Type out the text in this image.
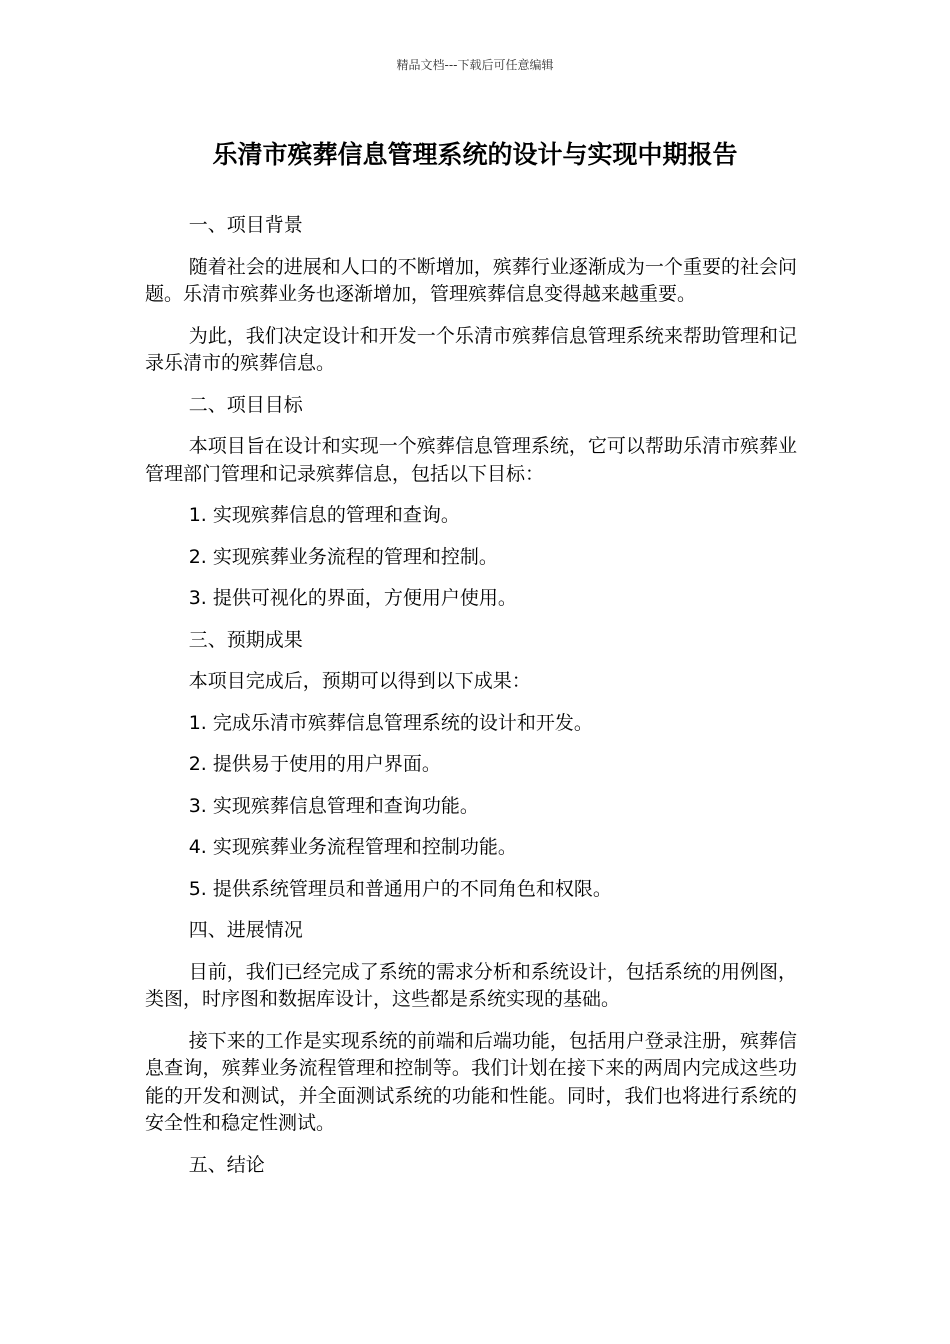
精品文档---下载后可任意编辑
乐清市殡葬信息管理系统的设计与实现中期报告
一、项目背景

随着社会的进展和人口的不断增加，殡葬行业逐渐成为一个重要的社会问题。乐清市殡葬业务也逐渐增加，管理殡葬信息变得越来越重要。

为此，我们决定设计和开发一个乐清市殡葬信息管理系统来帮助管理和记录乐清市的殡葬信息。

二、项目目标

本项目旨在设计和实现一个殡葬信息管理系统，它可以帮助乐清市殡葬业管理部门管理和记录殡葬信息，包括以下目标：

1. 实现殡葬信息的管理和查询。
2. 实现殡葬业务流程的管理和控制。
3. 提供可视化的界面，方便用户使用。
三、预期成果
本项目完成后，预期可以得到以下成果：
1. 完成乐清市殡葬信息管理系统的设计和开发。
2. 提供易于使用的用户界面。
3. 实现殡葬信息管理和查询功能。
4. 实现殡葬业务流程管理和控制功能。
5. 提供系统管理员和普通用户的不同角色和权限。
四、进展情况

目前，我们已经完成了系统的需求分析和系统设计，包括系统的用例图，类图，时序图和数据库设计，这些都是系统实现的基础。

接下来的工作是实现系统的前端和后端功能，包括用户登录注册，殡葬信息查询，殡葬业务流程管理和控制等。我们计划在接下来的两周内完成这些功能的开发和测试，并全面测试系统的功能和性能。同时，我们也将进行系统的安全性和稳定性测试。

五、结论
